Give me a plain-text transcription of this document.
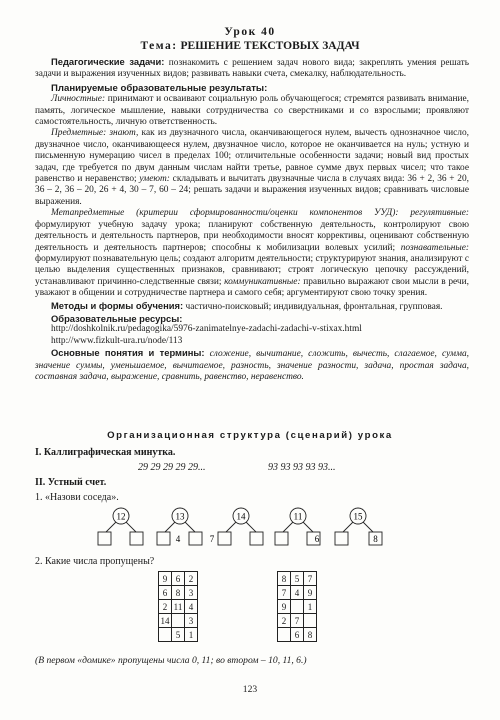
Урок 40
Тема: РЕШЕНИЕ ТЕКСТОВЫХ ЗАДАЧ

Педагогические задачи: познакомить с решением задач нового вида; закреплять умения решать задачи и выражения изученных видов; развивать навыки счета, смекалку, наблюдательность.

Планируемые образовательные результаты:

Личностные: принимают и осваивают социальную роль обучающегося; стремятся развивать внимание, память, логическое мышление, навыки сотрудничества со сверстниками и со взрослыми; проявляют самостоятельность, личную ответственность.

Предметные: знают, как из двузначного числа, оканчивающегося нулем, вычесть однозначное число, двузначное число, оканчивающееся нулем, двузначное число, которое не оканчивается на нуль; устную и письменную нумерацию чисел в пределах 100; отличительные особенности задачи; новый вид простых задач, где требуется по двум данным числам найти третье, равное сумме двух первых чисел; что такое равенство и неравенство; умеют: складывать и вычитать двузначные числа в случаях вида: 36 + 2, 36 + 20, 36 – 2, 36 – 20, 26 + 4, 30 – 7, 60 – 24; решать задачи и выражения изученных видов; сравнивать числовые выражения.

Метапредметные (критерии сформированности/оценки компонентов УУД): регулятивные: формулируют учебную задачу урока; планируют собственную деятельность, контролируют свою деятельность и деятельность партнеров, при необходимости вносят коррективы, оценивают собственную деятельность и деятельность партнеров; способны к мобилизации волевых усилий; познавательные: формулируют познавательную цель; создают алгоритм деятельности; структурируют знания, анализируют с целью выделения существенных признаков, сравнивают; строят логическую цепочку рассуждений, устанавливают причинно-следственные связи; коммуникативные: правильно выражают свои мысли в речи, уважают в общении и сотрудничестве партнера и самого себя; аргументируют свою точку зрения.

Методы и формы обучения: частично-поисковый; индивидуальная, фронтальная, групповая.

Образовательные ресурсы:

http://doshkolnik.ru/pedagogika/5976-zanimatelnye-zadachi-zadachi-v-stixax.html

http://www.fizkult-ura.ru/node/113

Основные понятия и термины: сложение, вычитание, сложить, вычесть, слагаемое, сумма, значение суммы, уменьшаемое, вычитаемое, разность, значение разности, задача, простая задача, составная задача, выражение, сравнить, равенство, неравенство.

Организационная структура (сценарий) урока
I. Каллиграфическая минутка.
29 29 29 29 29...	93 93 93 93 93...
II. Устный счет.
1. «Назови соседа».
12	13
4
14
7
11
6
15
8
2. Какие числа пропущены?
9	6	2
6	8	3
2	11	4
14		3
	5	1
8	5	7
7	4	9
9		1
2	7	
	6	8
(В первом «домике» пропущены числа 0, 11; во втором – 10, 11, 6.)
123
